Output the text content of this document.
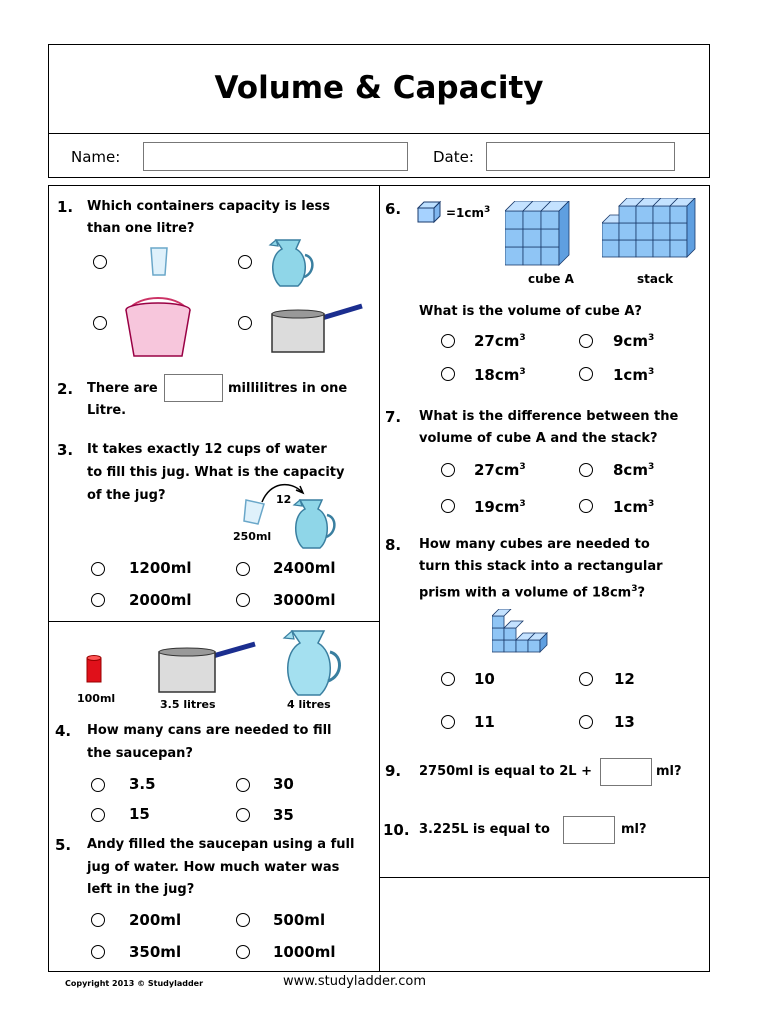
Volume & Capacity
Name:	Date:
1. Which containers capacity is less
than one litre?
2. There are	millilitres in one
Litre.
3. It takes exactly 12 cups of water
to fill this jug. What is the capacity
of the jug?	12
250ml
1200ml	2400ml
2000ml	3000ml
100ml	3.5 litres	4 litres
4. How many cans are needed to fill
the saucepan?
3.5	30
15	35
5. Andy filled the saucepan using a full
jug of water. How much water was
left in the jug?
200ml	500ml
350ml	1000ml
6.	$=1cm^3$
cube A	stack
What is the volume of cube A?
$27cm^3$	$9cm^3$
$18cm^3$	$1cm^3$
7. What is the difference between the
volume of cube A and the stack?
$27cm^3$	$8cm^3$
$19cm^3$	$1cm^3$
8. How many cubes are needed to
turn this stack into a rectangular
prism with a volume of $18cm^3$?
10	12
11	13
9. 2750ml is equal to 2L +	ml?
10. 3.225L is equal to	ml?
Copyright 2013 © Studyladder	www.studyladder.com
